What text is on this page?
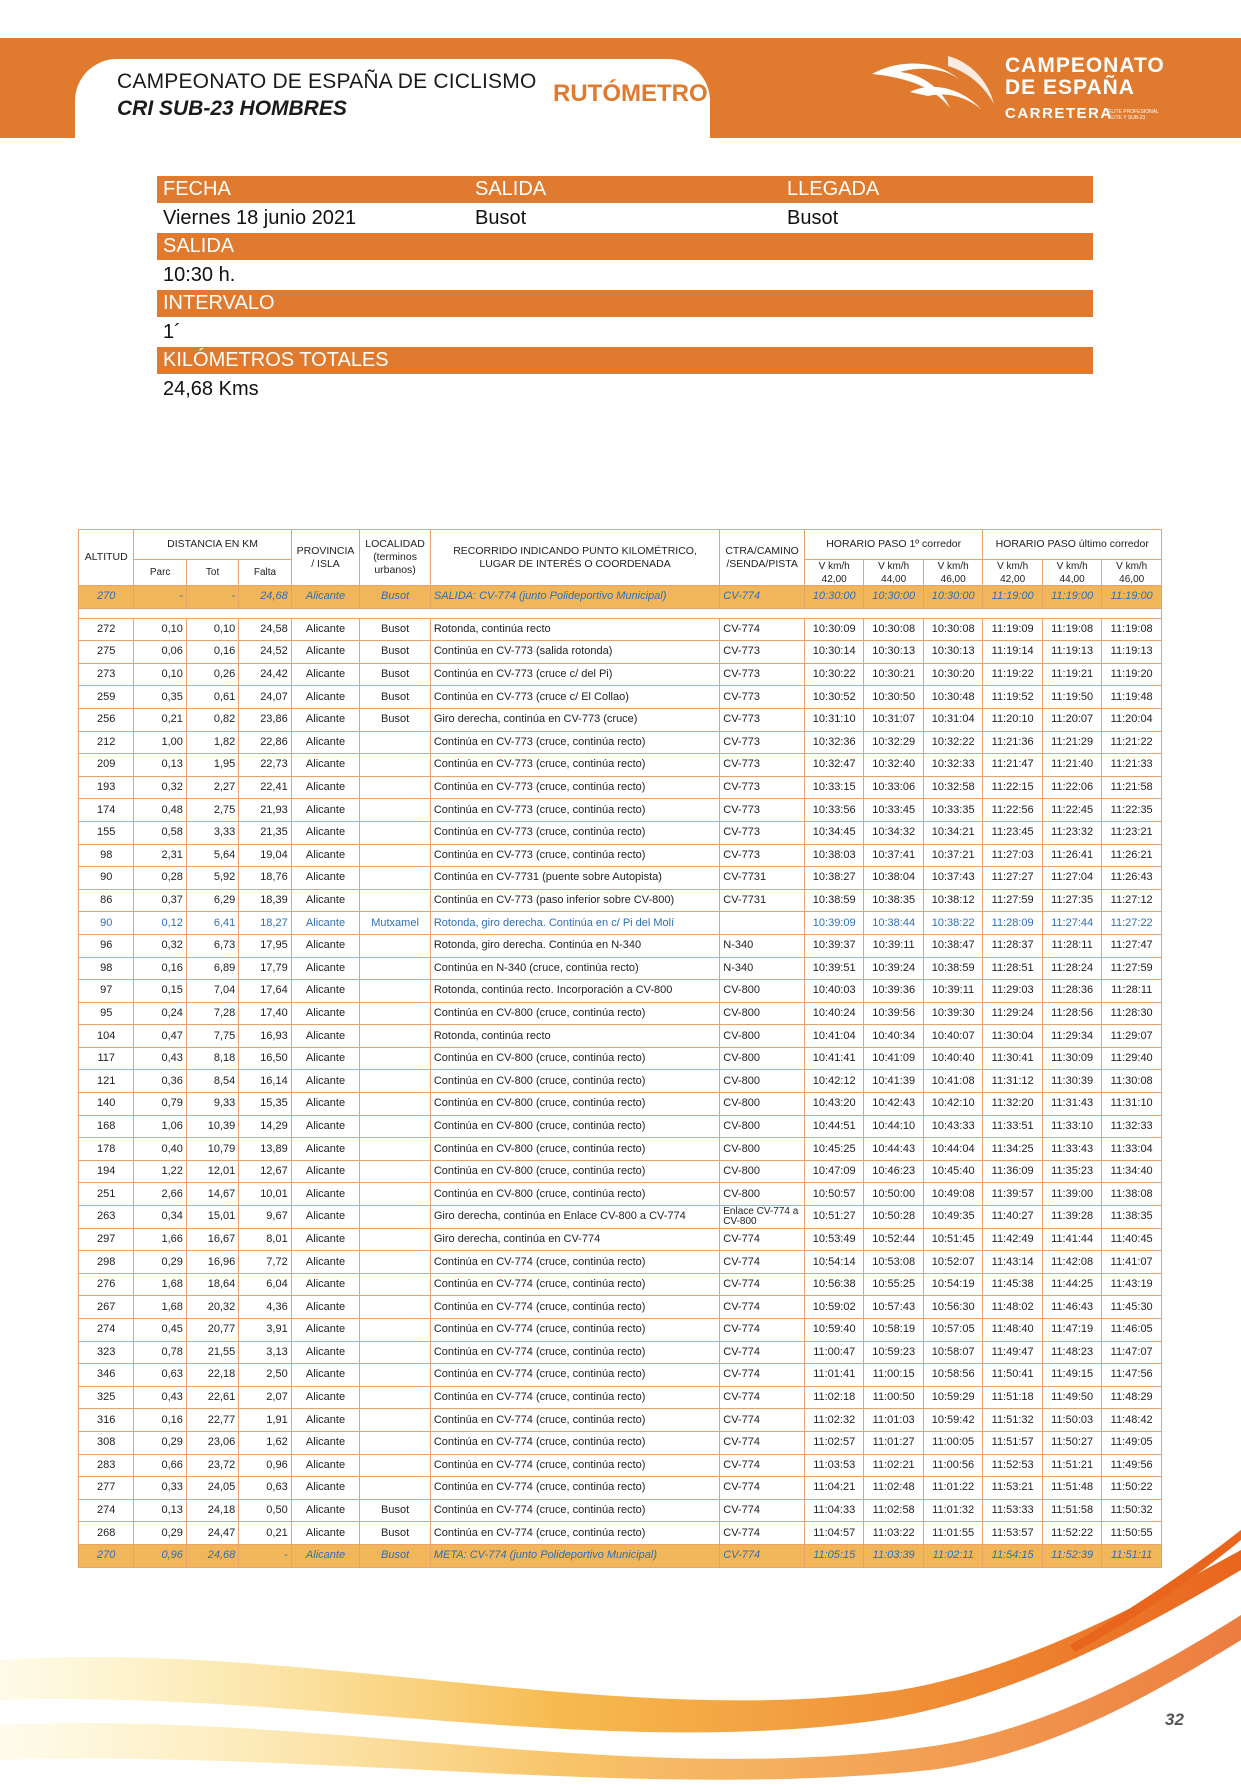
CAMPEONATO DE ESPAÑA DE CICLISMO
CRI SUB-23 HOMBRES
RUTÓMETRO
CAMPEONATO
DE ESPAÑA
CARRETERA
ÉLITE PROFESIONAL ÉLITE Y SUB-23
FECHA	SALIDA	LLEGADA
Viernes 18 junio 2021	Busot	Busot
SALIDA
10:30 h.
INTERVALO
1´
KILÓMETROS TOTALES
24,68 Kms
ALTITUD	DISTANCIA EN KM			PROVINCIA / ISLA	LOCALIDAD (terminos urbanos)	RECORRIDO INDICANDO PUNTO KILOMÉTRICO, LUGAR DE INTERÉS O COORDENADA	CTRA/CAMINO /SENDA/PISTA	HORARIO PASO 1º corredor			HORARIO PASO último corredor		
	Parc	Tot	Falta					V km/h	V km/h	V km/h	V km/h	V km/h	V km/h
								42,00	44,00	46,00	42,00	44,00	46,00
270	-	-	24,68	Alicante	Busot	SALIDA: CV-774 (junto Polideportivo Municipal)	CV-774	10:30:00	10:30:00	10:30:00	11:19:00	11:19:00	11:19:00

272	0,10	0,10	24,58	Alicante	Busot	Rotonda, continúa recto	CV-774	10:30:09	10:30:08	10:30:08	11:19:09	11:19:08	11:19:08
275	0,06	0,16	24,52	Alicante	Busot	Continúa en CV-773 (salida rotonda)	CV-773	10:30:14	10:30:13	10:30:13	11:19:14	11:19:13	11:19:13
273	0,10	0,26	24,42	Alicante	Busot	Continúa en CV-773 (cruce c/ del Pi)	CV-773	10:30:22	10:30:21	10:30:20	11:19:22	11:19:21	11:19:20
259	0,35	0,61	24,07	Alicante	Busot	Continúa en CV-773 (cruce c/ El Collao)	CV-773	10:30:52	10:30:50	10:30:48	11:19:52	11:19:50	11:19:48
256	0,21	0,82	23,86	Alicante	Busot	Giro derecha, continúa en CV-773 (cruce)	CV-773	10:31:10	10:31:07	10:31:04	11:20:10	11:20:07	11:20:04
212	1,00	1,82	22,86	Alicante		Continúa en CV-773 (cruce, continúa recto)	CV-773	10:32:36	10:32:29	10:32:22	11:21:36	11:21:29	11:21:22
209	0,13	1,95	22,73	Alicante		Continúa en CV-773 (cruce, continúa recto)	CV-773	10:32:47	10:32:40	10:32:33	11:21:47	11:21:40	11:21:33
193	0,32	2,27	22,41	Alicante		Continúa en CV-773 (cruce, continúa recto)	CV-773	10:33:15	10:33:06	10:32:58	11:22:15	11:22:06	11:21:58
174	0,48	2,75	21,93	Alicante		Continúa en CV-773 (cruce, continúa recto)	CV-773	10:33:56	10:33:45	10:33:35	11:22:56	11:22:45	11:22:35
155	0,58	3,33	21,35	Alicante		Continúa en CV-773 (cruce, continúa recto)	CV-773	10:34:45	10:34:32	10:34:21	11:23:45	11:23:32	11:23:21
98	2,31	5,64	19,04	Alicante		Continúa en CV-773 (cruce, continúa recto)	CV-773	10:38:03	10:37:41	10:37:21	11:27:03	11:26:41	11:26:21
90	0,28	5,92	18,76	Alicante		Continúa en CV-7731 (puente sobre Autopista)	CV-7731	10:38:27	10:38:04	10:37:43	11:27:27	11:27:04	11:26:43
86	0,37	6,29	18,39	Alicante		Continúa en CV-773 (paso inferior sobre CV-800)	CV-7731	10:38:59	10:38:35	10:38:12	11:27:59	11:27:35	11:27:12
90	0,12	6,41	18,27	Alicante	Mutxamel	Rotonda, giro derecha. Continúa en c/ Pi del Molí		10:39:09	10:38:44	10:38:22	11:28:09	11:27:44	11:27:22
96	0,32	6,73	17,95	Alicante		Rotonda, giro derecha. Continúa en N-340	N-340	10:39:37	10:39:11	10:38:47	11:28:37	11:28:11	11:27:47
98	0,16	6,89	17,79	Alicante		Continúa en N-340 (cruce, continúa recto)	N-340	10:39:51	10:39:24	10:38:59	11:28:51	11:28:24	11:27:59
97	0,15	7,04	17,64	Alicante		Rotonda, continúa recto. Incorporación a CV-800	CV-800	10:40:03	10:39:36	10:39:11	11:29:03	11:28:36	11:28:11
95	0,24	7,28	17,40	Alicante		Continúa en CV-800 (cruce, continúa recto)	CV-800	10:40:24	10:39:56	10:39:30	11:29:24	11:28:56	11:28:30
104	0,47	7,75	16,93	Alicante		Rotonda, continúa recto	CV-800	10:41:04	10:40:34	10:40:07	11:30:04	11:29:34	11:29:07
117	0,43	8,18	16,50	Alicante		Continúa en CV-800 (cruce, continúa recto)	CV-800	10:41:41	10:41:09	10:40:40	11:30:41	11:30:09	11:29:40
121	0,36	8,54	16,14	Alicante		Continúa en CV-800 (cruce, continúa recto)	CV-800	10:42:12	10:41:39	10:41:08	11:31:12	11:30:39	11:30:08
140	0,79	9,33	15,35	Alicante		Continúa en CV-800 (cruce, continúa recto)	CV-800	10:43:20	10:42:43	10:42:10	11:32:20	11:31:43	11:31:10
168	1,06	10,39	14,29	Alicante		Continúa en CV-800 (cruce, continúa recto)	CV-800	10:44:51	10:44:10	10:43:33	11:33:51	11:33:10	11:32:33
178	0,40	10,79	13,89	Alicante		Continúa en CV-800 (cruce, continúa recto)	CV-800	10:45:25	10:44:43	10:44:04	11:34:25	11:33:43	11:33:04
194	1,22	12,01	12,67	Alicante		Continúa en CV-800 (cruce, continúa recto)	CV-800	10:47:09	10:46:23	10:45:40	11:36:09	11:35:23	11:34:40
251	2,66	14,67	10,01	Alicante		Continúa en CV-800 (cruce, continúa recto)	CV-800	10:50:57	10:50:00	10:49:08	11:39:57	11:39:00	11:38:08
263	0,34	15,01	9,67	Alicante		Giro derecha, continúa en Enlace CV-800 a CV-774	Enlace CV-774 a CV-800	10:51:27	10:50:28	10:49:35	11:40:27	11:39:28	11:38:35
297	1,66	16,67	8,01	Alicante		Giro derecha, continúa en CV-774	CV-774	10:53:49	10:52:44	10:51:45	11:42:49	11:41:44	11:40:45
298	0,29	16,96	7,72	Alicante		Continúa en CV-774 (cruce, continúa recto)	CV-774	10:54:14	10:53:08	10:52:07	11:43:14	11:42:08	11:41:07
276	1,68	18,64	6,04	Alicante		Continúa en CV-774 (cruce, continúa recto)	CV-774	10:56:38	10:55:25	10:54:19	11:45:38	11:44:25	11:43:19
267	1,68	20,32	4,36	Alicante		Continúa en CV-774 (cruce, continúa recto)	CV-774	10:59:02	10:57:43	10:56:30	11:48:02	11:46:43	11:45:30
274	0,45	20,77	3,91	Alicante		Continúa en CV-774 (cruce, continúa recto)	CV-774	10:59:40	10:58:19	10:57:05	11:48:40	11:47:19	11:46:05
323	0,78	21,55	3,13	Alicante		Continúa en CV-774 (cruce, continúa recto)	CV-774	11:00:47	10:59:23	10:58:07	11:49:47	11:48:23	11:47:07
346	0,63	22,18	2,50	Alicante		Continúa en CV-774 (cruce, continúa recto)	CV-774	11:01:41	11:00:15	10:58:56	11:50:41	11:49:15	11:47:56
325	0,43	22,61	2,07	Alicante		Continúa en CV-774 (cruce, continúa recto)	CV-774	11:02:18	11:00:50	10:59:29	11:51:18	11:49:50	11:48:29
316	0,16	22,77	1,91	Alicante		Continúa en CV-774 (cruce, continúa recto)	CV-774	11:02:32	11:01:03	10:59:42	11:51:32	11:50:03	11:48:42
308	0,29	23,06	1,62	Alicante		Continúa en CV-774 (cruce, continúa recto)	CV-774	11:02:57	11:01:27	11:00:05	11:51:57	11:50:27	11:49:05
283	0,66	23,72	0,96	Alicante		Continúa en CV-774 (cruce, continúa recto)	CV-774	11:03:53	11:02:21	11:00:56	11:52:53	11:51:21	11:49:56
277	0,33	24,05	0,63	Alicante		Continúa en CV-774 (cruce, continúa recto)	CV-774	11:04:21	11:02:48	11:01:22	11:53:21	11:51:48	11:50:22
274	0,13	24,18	0,50	Alicante	Busot	Continúa en CV-774 (cruce, continúa recto)	CV-774	11:04:33	11:02:58	11:01:32	11:53:33	11:51:58	11:50:32
268	0,29	24,47	0,21	Alicante	Busot	Continúa en CV-774 (cruce, continúa recto)	CV-774	11:04:57	11:03:22	11:01:55	11:53:57	11:52:22	11:50:55
270	0,96	24,68	-	Alicante	Busot	META: CV-774 (junto Polideportivo Municipal)	CV-774	11:05:15	11:03:39	11:02:11	11:54:15	11:52:39	11:51:11
32
